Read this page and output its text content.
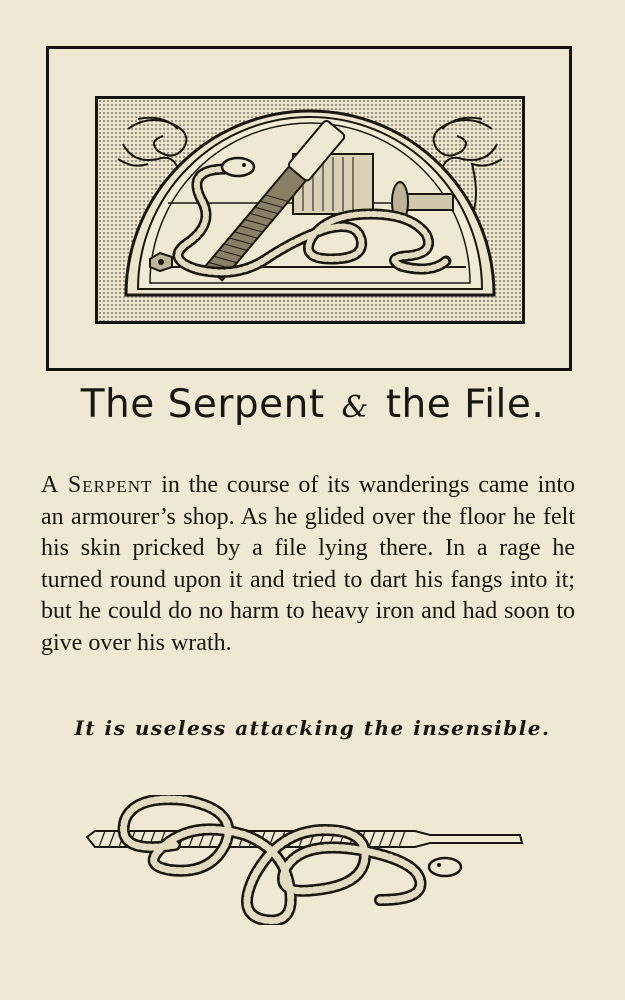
The Serpent & the File.

A Serpent in the course of its wanderings came into an armourer’s shop. As he glided over the floor he felt his skin pricked by a file lying there. In a rage he turned round upon it and tried to dart his fangs into it; but he could do no harm to heavy iron and had soon to give over his wrath.

It is useless attacking the insensible.
